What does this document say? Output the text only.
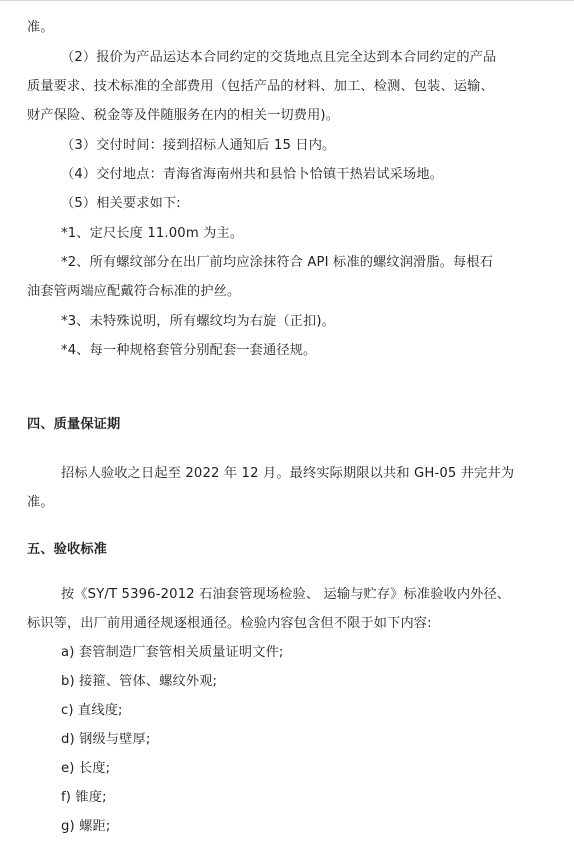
准。
（2）报价为产品运达本合同约定的交货地点且完全达到本合同约定的产品
质量要求、技术标准的全部费用（包括产品的材料、加工、检测、包装、运输、
财产保险、税金等及伴随服务在内的相关一切费用)。
（3）交付时间：接到招标人通知后 15 日内。
（4）交付地点：青海省海南州共和县恰卜恰镇干热岩试采场地。
（5）相关要求如下:
*1、定尺长度 11.00m 为主。
*2、所有螺纹部分在出厂前均应涂抹符合 API 标准的螺纹润滑脂。每根石
油套管两端应配戴符合标准的护丝。
*3、未特殊说明，所有螺纹均为右旋（正扣)。
*4、每一种规格套管分别配套一套通径规。
四、质量保证期
招标人验收之日起至 2022 年 12 月。最终实际期限以共和 GH-05 井完井为
准。
五、验收标准
按《SY/T 5396-2012 石油套管现场检验、 运输与贮存》标准验收内外径、
标识等，出厂前用通径规逐根通径。检验内容包含但不限于如下内容:
a) 套管制造厂套管相关质量证明文件;
b) 接箍、管体、螺纹外观;
c) 直线度;
d) 钢级与壁厚;
e) 长度;
f) 锥度;
g) 螺距;
